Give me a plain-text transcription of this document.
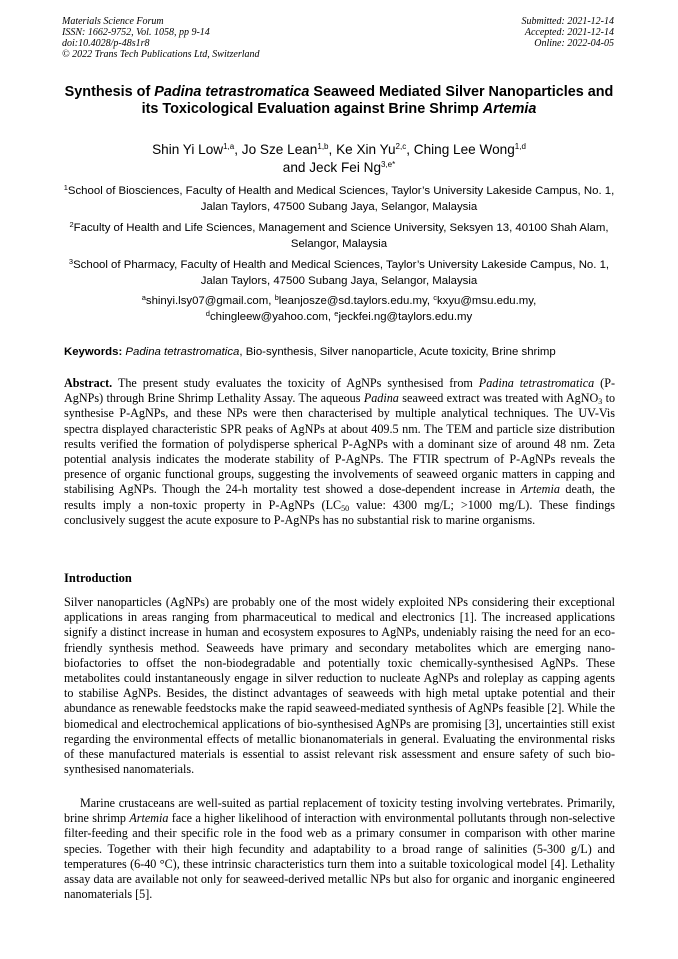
Materials Science Forum
ISSN: 1662-9752, Vol. 1058, pp 9-14
doi:10.4028/p-48s1r8
© 2022 Trans Tech Publications Ltd, Switzerland
Submitted: 2021-12-14
Accepted: 2021-12-14
Online: 2022-04-05
Synthesis of Padina tetrastromatica Seaweed Mediated Silver Nanoparticles and its Toxicological Evaluation against Brine Shrimp Artemia
Shin Yi Low$^{1,a}$, Jo Sze Lean$^{1,b}$, Ke Xin Yu$^{2,c}$, Ching Lee Wong$^{1,d}$
and Jeck Fei $Ng^{3,e*}$
$^1$School of Biosciences, Faculty of Health and Medical Sciences, Taylor’s University Lakeside Campus, No. 1, Jalan Taylors, 47500 Subang Jaya, Selangor, Malaysia
$^2$Faculty of Health and Life Sciences, Management and Science University, Seksyen 13, 40100 Shah Alam, Selangor, Malaysia
$^3$School of Pharmacy, Faculty of Health and Medical Sciences, Taylor’s University Lakeside Campus, No. 1, Jalan Taylors, 47500 Subang Jaya, Selangor, Malaysia
$^a$shinyi.lsy07@gmail.com, $^b$leanjosze@sd.taylors.edu.my, $^c$kxyu@msu.edu.my,
$^d$chingleew@yahoo.com, $^e$jeckfei.ng@taylors.edu.my
Keywords: Padina tetrastromatica, Bio-synthesis, Silver nanoparticle, Acute toxicity, Brine shrimp
Abstract. The present study evaluates the toxicity of AgNPs synthesised from Padina tetrastromatica (P-AgNPs) through Brine Shrimp Lethality Assay. The aqueous Padina seaweed extract was treated with AgNO$_3$ to synthesise P-AgNPs, and these NPs were then characterised by multiple analytical techniques. The UV-Vis spectra displayed characteristic SPR peaks of AgNPs at about 409.5 nm. The TEM and particle size distribution results verified the formation of polydisperse spherical P-AgNPs with a dominant size of around 48 nm. Zeta potential analysis indicates the moderate stability of P-AgNPs. The FTIR spectrum of P-AgNPs reveals the presence of organic functional groups, suggesting the involvements of seaweed organic matters in capping and stabilising AgNPs. Though the 24-h mortality test showed a dose-dependent increase in Artemia death, the results imply a non-toxic property in P-AgNPs ($LC_{50}$ value: 4300 mg/L; >1000 mg/L). These findings conclusively suggest the acute exposure to P-AgNPs has no substantial risk to marine organisms.
Introduction
Silver nanoparticles (AgNPs) are probably one of the most widely exploited NPs considering their exceptional applications in areas ranging from pharmaceutical to medical and electronics [1]. The increased applications signify a distinct increase in human and ecosystem exposures to AgNPs, undeniably raising the need for an eco-friendly synthesis method. Seaweeds have primary and secondary metabolites which are emerging nano-biofactories to offset the non-biodegradable and potentially toxic chemically-synthesised AgNPs. These metabolites could instantaneously engage in silver reduction to nucleate AgNPs and roleplay as capping agents to stabilise AgNPs. Besides, the distinct advantages of seaweeds with high metal uptake potential and their abundance as renewable feedstocks make the rapid seaweed-mediated synthesis of AgNPs feasible [2]. While the biomedical and electrochemical applications of bio-synthesised AgNPs are promising [3], uncertainties still exist regarding the environmental effects of metallic bionanomaterials in general. Evaluating the environmental risks of these manufactured materials is essential to assist relevant risk assessment and ensure safety of such bio-synthesised nanomaterials.
Marine crustaceans are well-suited as partial replacement of toxicity testing involving vertebrates. Primarily, brine shrimp Artemia face a higher likelihood of interaction with environmental pollutants through non-selective filter-feeding and their specific role in the food web as a primary consumer in comparison with other marine species. Together with their high fecundity and adaptability to a broad range of salinities (5-300 g/L) and temperatures (6-40 °C), these intrinsic characteristics turn them into a suitable toxicological model [4]. Lethality assay data are available not only for seaweed-derived metallic NPs but also for organic and inorganic engineered nanomaterials [5].
